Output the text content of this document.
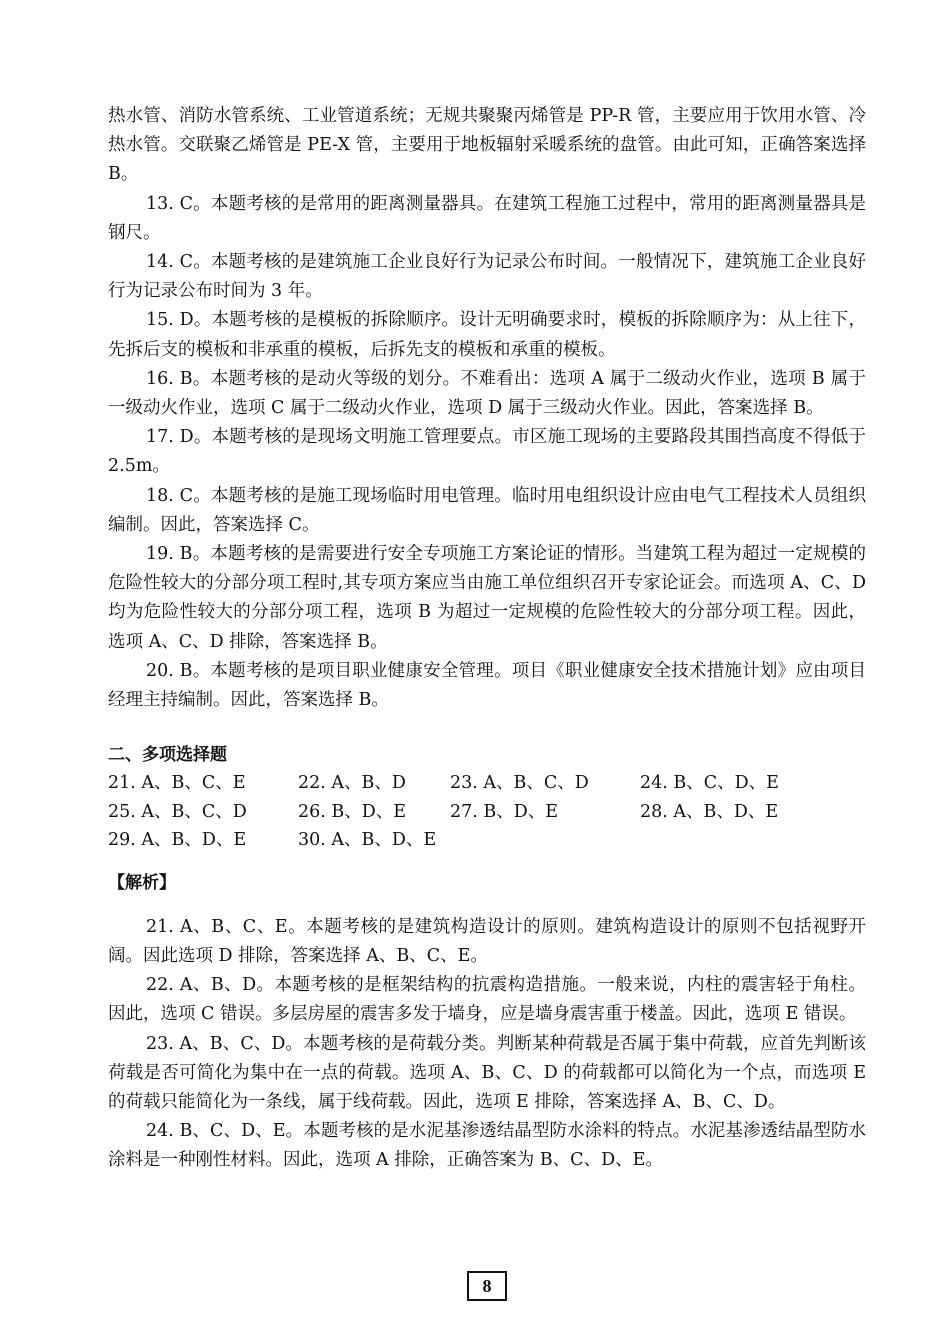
热水管、消防水管系统、工业管道系统；无规共聚聚丙烯管是 PP-R 管，主要应用于饮用水管、冷热水管。交联聚乙烯管是 PE-X 管，主要用于地板辐射采暖系统的盘管。由此可知，正确答案选择 B。

13. C。本题考核的是常用的距离测量器具。在建筑工程施工过程中，常用的距离测量器具是钢尺。

14. C。本题考核的是建筑施工企业良好行为记录公布时间。一般情况下，建筑施工企业良好行为记录公布时间为 3 年。

15. D。本题考核的是模板的拆除顺序。设计无明确要求时，模板的拆除顺序为：从上往下，先拆后支的模板和非承重的模板，后拆先支的模板和承重的模板。

16. B。本题考核的是动火等级的划分。不难看出：选项 A 属于二级动火作业，选项 B 属于一级动火作业，选项 C 属于二级动火作业，选项 D 属于三级动火作业。因此，答案选择 B。

17. D。本题考核的是现场文明施工管理要点。市区施工现场的主要路段其围挡高度不得低于 2.5m。

18. C。本题考核的是施工现场临时用电管理。临时用电组织设计应由电气工程技术人员组织编制。因此，答案选择 C。

19. B。本题考核的是需要进行安全专项施工方案论证的情形。当建筑工程为超过一定规模的危险性较大的分部分项工程时,其专项方案应当由施工单位组织召开专家论证会。而选项 A、C、D 均为危险性较大的分部分项工程，选项 B 为超过一定规模的危险性较大的分部分项工程。因此，选项 A、C、D 排除，答案选择 B。

20. B。本题考核的是项目职业健康安全管理。项目《职业健康安全技术措施计划》应由项目经理主持编制。因此，答案选择 B。

二、多项选择题

21. A、B、C、E	22. A、B、D	23. A、B、C、D	24. B、C、D、E
25. A、B、C、D	26. B、D、E	27. B、D、E	28. A、B、D、E
29. A、B、D、E	30. A、B、D、E

【解析】

21. A、B、C、E。本题考核的是建筑构造设计的原则。建筑构造设计的原则不包括视野开阔。因此选项 D 排除，答案选择 A、B、C、E。

22. A、B、D。本题考核的是框架结构的抗震构造措施。一般来说，内柱的震害轻于角柱。因此，选项 C 错误。多层房屋的震害多发于墙身，应是墙身震害重于楼盖。因此，选项 E 错误。

23. A、B、C、D。本题考核的是荷载分类。判断某种荷载是否属于集中荷载，应首先判断该荷载是否可简化为集中在一点的荷载。选项 A、B、C、D 的荷载都可以简化为一个点，而选项 E 的荷载只能简化为一条线，属于线荷载。因此，选项 E 排除，答案选择 A、B、C、D。

24. B、C、D、E。本题考核的是水泥基渗透结晶型防水涂料的特点。水泥基渗透结晶型防水涂料是一种刚性材料。因此，选项 A 排除，正确答案为 B、C、D、E。

8
